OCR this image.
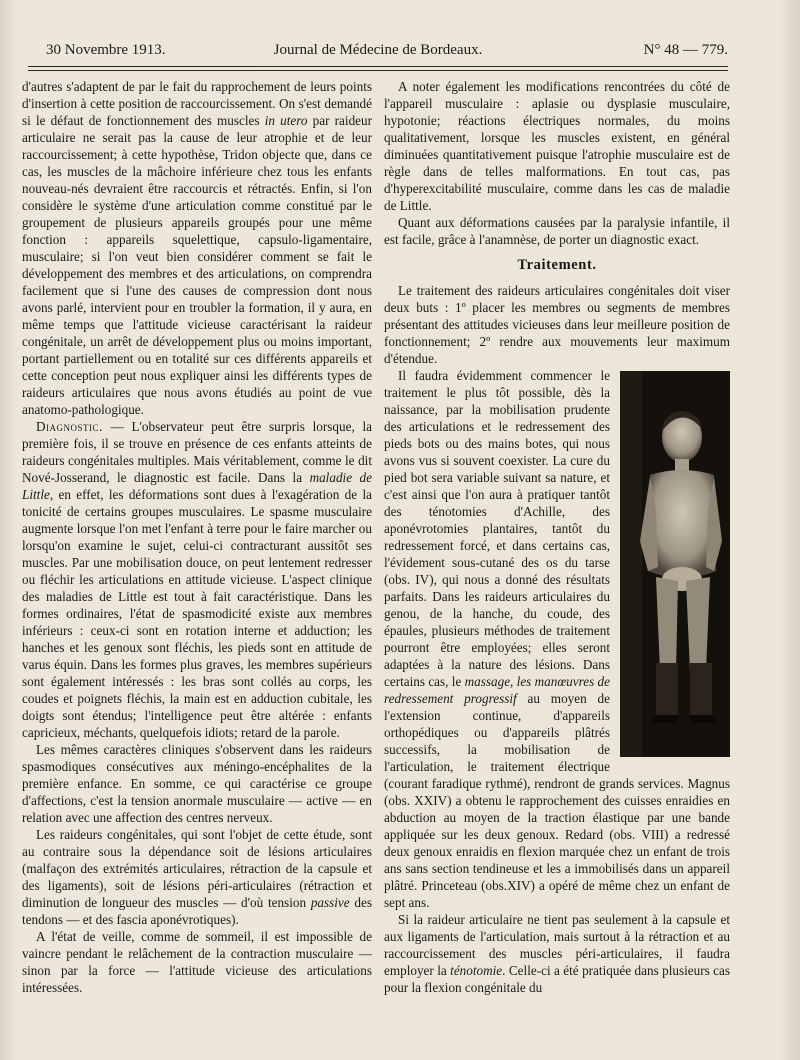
30 Novembre 1913.	Journal de Médecine de Bordeaux.	N° 48 — 779.

d'autres s'adaptent de par le fait du rapprochement de leurs points d'insertion à cette position de raccourcissement. On s'est demandé si le défaut de fonctionnement des muscles in utero par raideur articulaire ne serait pas la cause de leur atrophie et de leur raccourcissement; à cette hypothèse, Tridon objecte que, dans ce cas, les muscles de la mâchoire inférieure chez tous les enfants nouveau-nés devraient être raccourcis et rétractés. Enfin, si l'on considère le système d'une articulation comme constitué par le groupement de plusieurs appareils groupés pour une même fonction : appareils squelettique, capsulo-ligamentaire, musculaire; si l'on veut bien considérer comment se fait le développement des membres et des articulations, on comprendra facilement que si l'une des causes de compression dont nous avons parlé, intervient pour en troubler la formation, il y aura, en même temps que l'attitude vicieuse caractérisant la raideur congénitale, un arrêt de développement plus ou moins important, portant partiellement ou en totalité sur ces différents appareils et cette conception peut nous expliquer ainsi les différents types de raideurs articulaires que nous avons étudiés au point de vue anatomo-pathologique.

Diagnostic. — L'observateur peut être surpris lorsque, la première fois, il se trouve en présence de ces enfants atteints de raideurs congénitales multiples. Mais véritablement, comme le dit Nové-Josserand, le diagnostic est facile. Dans la maladie de Little, en effet, les déformations sont dues à l'exagération de la tonicité de certains groupes musculaires. Le spasme musculaire augmente lorsque l'on met l'enfant à terre pour le faire marcher ou lorsqu'on examine le sujet, celui-ci contracturant aussitôt ses muscles. Par une mobilisation douce, on peut lentement redresser ou fléchir les articulations en attitude vicieuse. L'aspect clinique des maladies de Little est tout à fait caractéristique. Dans les formes ordinaires, l'état de spasmodicité existe aux membres inférieurs : ceux-ci sont en rotation interne et adduction; les hanches et les genoux sont fléchis, les pieds sont en attitude de varus équin. Dans les formes plus graves, les membres supérieurs sont également intéressés : les bras sont collés au corps, les coudes et poignets fléchis, la main est en adduction cubitale, les doigts sont étendus; l'intelligence peut être altérée : enfants capricieux, méchants, quelquefois idiots; retard de la parole.

Les mêmes caractères cliniques s'observent dans les raideurs spasmodiques consécutives aux méningo-encéphalites de la première enfance. En somme, ce qui caractérise ce groupe d'affections, c'est la tension anormale musculaire — active — en relation avec une affection des centres nerveux.

Les raideurs congénitales, qui sont l'objet de cette étude, sont au contraire sous la dépendance soit de lésions articulaires (malfaçon des extrémités articulaires, rétraction de la capsule et des ligaments), soit de lésions péri-articulaires (rétraction et diminution de longueur des muscles — d'où tension passive des tendons — et des fascia aponévrotiques).

A l'état de veille, comme de sommeil, il est impossible de vaincre pendant le relâchement de la contraction musculaire — sinon par la force — l'attitude vicieuse des articulations intéressées.

A noter également les modifications rencontrées du côté de l'appareil musculaire : aplasie ou dysplasie musculaire, hypotonie; réactions électriques normales, du moins qualitativement, lorsque les muscles existent, en général diminuées quantitativement puisque l'atrophie musculaire est de règle dans de telles malformations. En tout cas, pas d'hyperexcitabilité musculaire, comme dans les cas de maladie de Little.

Quant aux déformations causées par la paralysie infantile, il est facile, grâce à l'anamnèse, de porter un diagnostic exact.

Traitement.

Le traitement des raideurs articulaires congénitales doit viser deux buts : 1º placer les membres ou segments de membres présentant des attitudes vicieuses dans leur meilleure position de fonctionnement; 2º rendre aux mouvements leur maximum d'étendue.

Il faudra évidemment commencer le traitement le plus tôt possible, dès la naissance, par la mobilisation prudente des articulations et le redressement des pieds bots ou des mains botes, qui nous avons vus si souvent coexister. La cure du pied bot sera variable suivant sa nature, et c'est ainsi que l'on aura à pratiquer tantôt des ténotomies d'Achille, des aponévrotomies plantaires, tantôt du redressement forcé, et dans certains cas, l'évidement sous-cutané des os du tarse (obs. IV), qui nous a donné des résultats parfaits. Dans les raideurs articulaires du genou, de la hanche, du coude, des épaules, plusieurs méthodes de traitement pourront être employées; elles seront adaptées à la nature des lésions. Dans certains cas, le massage, les manœuvres de redressement progressif au moyen de l'extension continue, d'appareils orthopédiques ou d'appareils plâtrés successifs, la mobilisation de l'articulation, le traitement électrique (courant faradique rythmé), rendront de grands services. Magnus (obs. XXIV) a obtenu le rapprochement des cuisses enraidies en abduction au moyen de la traction élastique par une bande appliquée sur les deux genoux. Redard (obs. VIII) a redressé deux genoux enraidis en flexion marquée chez un enfant de trois ans sans section tendineuse et les a immobilisés dans un appareil plâtré. Princeteau (obs.XIV) a opéré de même chez un enfant de sept ans.

Si la raideur articulaire ne tient pas seulement à la capsule et aux ligaments de l'articulation, mais surtout à la rétraction et au raccourcissement des muscles péri-articulaires, il faudra employer la ténotomie. Celle-ci a été pratiquée dans plusieurs cas pour la flexion congénitale du
